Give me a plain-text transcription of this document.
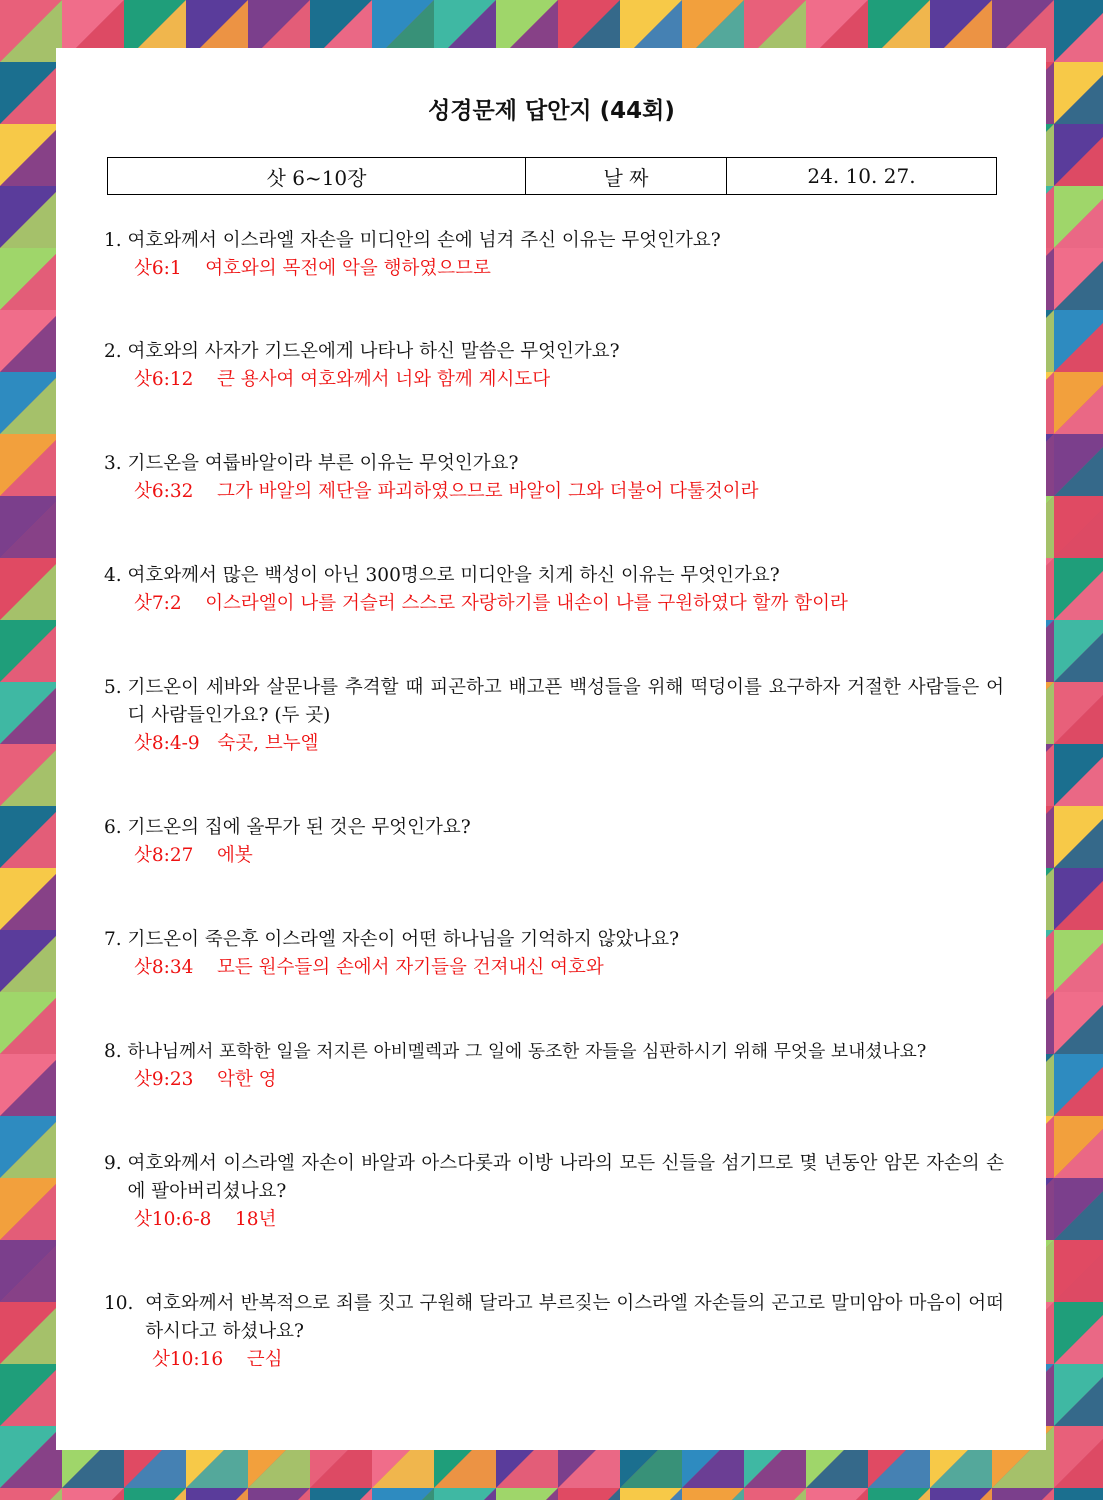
성경문제 답안지 (44회)
삿 6~10장	날 짜	24. 10. 27.
1. 여호와께서 이스라엘 자손을 미디안의 손에 넘겨 주신 이유는 무엇인가요?
삿6:1 여호와의 목전에 악을 행하였으므로
2. 여호와의 사자가 기드온에게 나타나 하신 말씀은 무엇인가요?
삿6:12 큰 용사여 여호와께서 너와 함께 계시도다
3. 기드온을 여룹바알이라 부른 이유는 무엇인가요?
삿6:32 그가 바알의 제단을 파괴하였으므로 바알이 그와 더불어 다툴것이라
4. 여호와께서 많은 백성이 아닌 300명으로 미디안을 치게 하신 이유는 무엇인가요?
삿7:2 이스라엘이 나를 거슬러 스스로 자랑하기를 내손이 나를 구원하였다 할까 함이라
5. 기드온이 세바와 살문나를 추격할 때 피곤하고 배고픈 백성들을 위해 떡덩이를 요구하자 거절한 사람들은 어디 사람들인가요? (두 곳)
삿8:4-9 숙곳, 브누엘
6. 기드온의 집에 올무가 된 것은 무엇인가요?
삿8:27 에봇
7. 기드온이 죽은후 이스라엘 자손이 어떤 하나님을 기억하지 않았나요?
삿8:34 모든 원수들의 손에서 자기들을 건져내신 여호와
8. 하나님께서 포학한 일을 저지른 아비멜렉과 그 일에 동조한 자들을 심판하시기 위해 무엇을 보내셨나요?
삿9:23 악한 영
9. 여호와께서 이스라엘 자손이 바알과 아스다롯과 이방 나라의 모든 신들을 섬기므로 몇 년동안 암몬 자손의 손에 팔아버리셨나요?
삿10:6-8 18년
10. 여호와께서 반복적으로 죄를 짓고 구원해 달라고 부르짖는 이스라엘 자손들의 곤고로 말미암아 마음이 어떠하시다고 하셨나요?
삿10:16 근심
